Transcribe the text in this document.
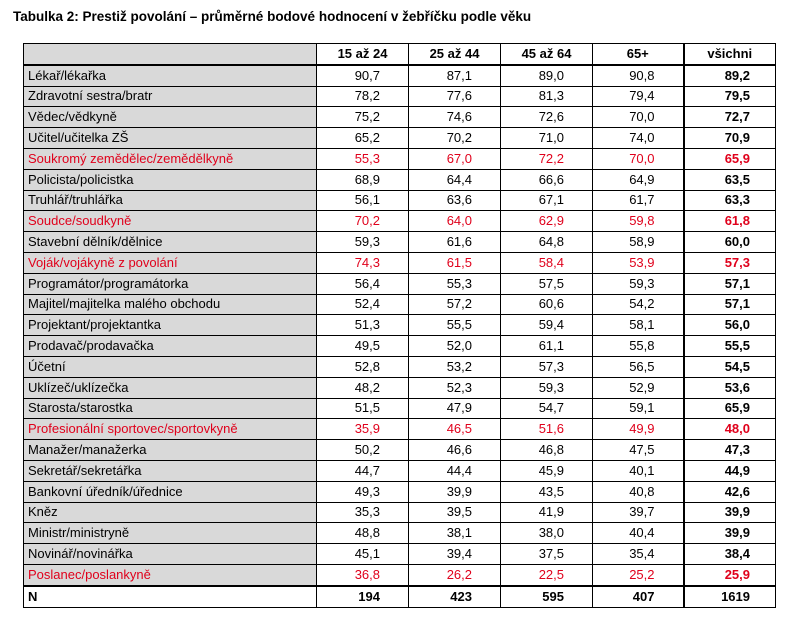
Tabulka 2: Prestiž povolání – průměrné bodové hodnocení v žebříčku podle věku
	15 až 24	25 až 44	45 až 64	65+	všichni
Lékař/lékařka	90,7	87,1	89,0	90,8	89,2
Zdravotní sestra/bratr	78,2	77,6	81,3	79,4	79,5
Vědec/vědkyně	75,2	74,6	72,6	70,0	72,7
Učitel/učitelka ZŠ	65,2	70,2	71,0	74,0	70,9
Soukromý zemědělec/zemědělkyně	55,3	67,0	72,2	70,0	65,9
Policista/policistka	68,9	64,4	66,6	64,9	63,5
Truhlář/truhlářka	56,1	63,6	67,1	61,7	63,3
Soudce/soudkyně	70,2	64,0	62,9	59,8	61,8
Stavební dělník/dělnice	59,3	61,6	64,8	58,9	60,0
Voják/vojákyně z povolání	74,3	61,5	58,4	53,9	57,3
Programátor/programátorka	56,4	55,3	57,5	59,3	57,1
Majitel/majitelka malého obchodu	52,4	57,2	60,6	54,2	57,1
Projektant/projektantka	51,3	55,5	59,4	58,1	56,0
Prodavač/prodavačka	49,5	52,0	61,1	55,8	55,5
Účetní	52,8	53,2	57,3	56,5	54,5
Uklízeč/uklízečka	48,2	52,3	59,3	52,9	53,6
Starosta/starostka	51,5	47,9	54,7	59,1	65,9
Profesionální sportovec/sportovkyně	35,9	46,5	51,6	49,9	48,0
Manažer/manažerka	50,2	46,6	46,8	47,5	47,3
Sekretář/sekretářka	44,7	44,4	45,9	40,1	44,9
Bankovní úředník/úřednice	49,3	39,9	43,5	40,8	42,6
Kněz	35,3	39,5	41,9	39,7	39,9
Ministr/ministryně	48,8	38,1	38,0	40,4	39,9
Novinář/novinářka	45,1	39,4	37,5	35,4	38,4
Poslanec/poslankyně	36,8	26,2	22,5	25,2	25,9
N	194	423	595	407	1619
